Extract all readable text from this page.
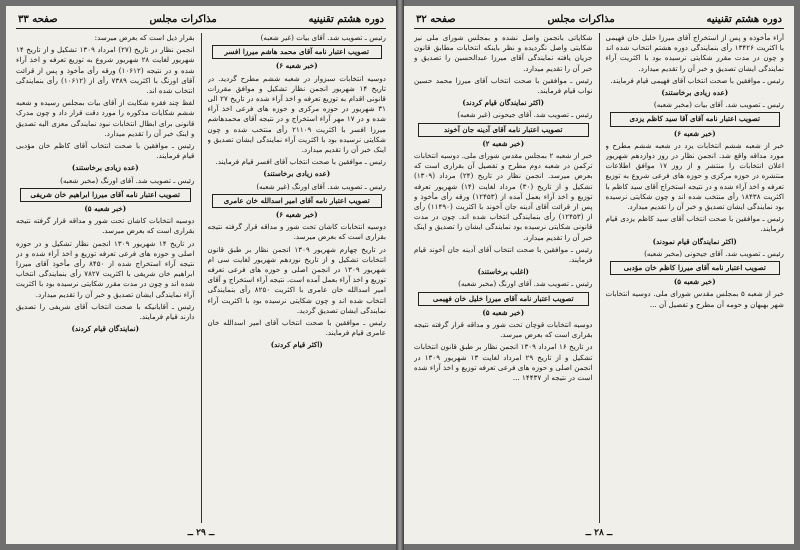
دوره هشتم تقنینیه
مذاکرات مجلس
صفحه ۳۳

رئیس ـ تصویب شد. آقای بیات (غیر شعبه)

تصویب اعتبار نامه آقای محمد هاشم میرزا افسر
(خبر شعبه ۶)

دوسیه انتخابات سبزوار در شعبه ششم مطرح گردید. در تاریخ ۱۴ شهریور انجمن نظار تشکیل و موافق مقررات قانونی اقدام به توزیع تعرفه و اخذ آراء شده در تاریخ ۲۷ الی ۳۱ شهریور در حوزه مرکزی و حوزه های فرعی اخذ آراء شده و در ۱۷ مهر آراء استخراج و در نتیجه آقای محمدهاشم میرزا افسر با اکثریت ۲۱۱۰۹ رأی منتخب شده و چون شکایتی نرسیده بود با اکثریت آراء نمایندگی ایشان تصدیق و اینک خبر آن را تقدیم میدارد.

رئیس ـ موافقین با صحت انتخاب آقای افسر قیام فرمایند.

(عده زیادی برخاستند)

رئیس ـ تصویب شد. آقای اورنگ (غیر شعبه)

تصویب اعتبار نامه آقای امیر اسدالله خان عامری
(خبر شعبه ۶)

دوسیه انتخابات کاشان تحت شور و مداقه قرار گرفته نتیجه بقراری است که بعرض میرسد.

در تاریخ چهارم شهریور ۱۳۰۹ انجمن نظار بر طبق قانون انتخابات تشکیل و از تاریخ نوزدهم شهریور لغایت سی ام شهریور ۱۳۰۹ در انجمن اصلی و حوزه های فرعی تعرفه توزیع و اخذ آراء بعمل آمده است. نتیجه آراء استخراج و آقای امیر اسدالله خان عامری با اکثریت ۸۲۵۰ رأی بنمایندگی انتخاب شده اند و چون شکایتی نرسیده بود با اکثریت آراء نمایندگی ایشان تصدیق گردید.

رئیس ـ موافقین با صحت انتخاب آقای امیر اسدالله خان عامری قیام فرمایند.

(اکثر قیام کردند)

بقرار ذیل است که بعرض میرسد:

انجمن نظار در تاریخ (۲۷) امرداد ۱۳۰۹ تشکیل و از تاریخ ۱۴ شهریور لغایت ۲۸ شهریور شروع به توزیع تعرفه و اخذ آراء شده و در نتیجه (۱۰۶۱۲) ورقه رأی مأخوذ و پس از قرائت آقای اورنگ با اکثریت ۷۳۸۹ رأی از (۱۰۶۱۲) رأی بنمایندگی انتخاب شده اند.

لفظ چند فقره شکایت از آقای بیات بمجلس رسیده و شعبه ششم شکایات مذکوره را مورد دقت قرار داد و چون مدرک قانونی برای ابطال انتخابات نبود نمایندگی معزی الیه تصدیق و اینک خبر آن را تقدیم میدارد.

رئیس ـ موافقین با صحت انتخاب آقای کاظم خان مؤدبی قیام فرمایند.

(عده زیادی برخاستند)

رئیس ـ تصویب شد. آقای اورنگ (مخبر شعبه)

تصویب اعتبار نامه آقای میرزا ابراهیم خان شریفی
(خبر شعبه ۵)

دوسیه انتخابات کاشان تحت شور و مداقه قرار گرفته نتیجه بقراری است که بعرض میرسد.

در تاریخ ۱۴ شهریور ۱۳۰۹ انجمن نظار تشکیل و در حوزه اصلی و حوزه های فرعی تعرفه توزیع و اخذ آراء شده و در نتیجه آراء استخراج شده از ۸۴۵۰ رأی مأخوذ آقای میرزا ابراهیم خان شریفی با اکثریت ۷۸۲۷ رأی بنمایندگی انتخاب شده اند و چون در مدت مقرر شکایتی نرسیده بود با اکثریت آراء نمایندگی ایشان تصدیق و خبر آن را تقدیم میدارد.

رئیس ـ آقایانیکه با صحت انتخاب آقای شریفی را تصدیق دارند قیام فرمایند.

(نمایندگان قیام کردند)
ــ ۲۹ ــ
دوره هشتم تقنینیه
مذاکرات مجلس
صفحه ۳۲

آراء مأخوذه و پس از استخراج آقای میرزا خلیل خان فهیمی با اکثریت ۱۳۴۲۶ رأی بنمایندگی دوره هشتم انتخاب شده اند و چون در مدت مقرر شکایتی نرسیده بود با اکثریت آراء نمایندگی ایشان تصدیق و خبر آن را تقدیم میدارد.

رئیس ـ موافقین با صحت انتخاب آقای فهیمی قیام فرمایند.

(عده زیادی برخاستند)

رئیس ـ تصویب شد. آقای بیات (مخبر شعبه)

تصویب اعتبار نامه آقای آقا سید کاظم یزدی
(خبر شعبه ۶)

خبر از شعبه ششم انتخابات یزد در شعبه ششم مطرح و مورد مداقه واقع شد. انجمن نظار در روز دوازدهم شهریور اعلان انتخابات را منتشر و از روز ۱۷ موافق اطلاعات منتشره در حوزه مرکزی و حوزه های فرعی شروع به توزیع تعرفه و اخذ آراء شده و در نتیجه استخراج آقای سید کاظم با اکثریت ۱۸۴۳۸ رأی منتخب شده اند و چون شکایتی نرسیده بود نمایندگی ایشان تصدیق و خبر آن را تقدیم میدارد.

رئیس ـ موافقین با صحت انتخاب آقای سید کاظم یزدی قیام فرمایند.

(اکثر نمایندگان قیام نمودند)

رئیس ـ تصویب شد. آقای جیحونی (مخبر شعبه)

تصویب اعتبار نامه آقای میرزا کاظم خان مؤدبی
(خبر شعبه ۵)

خبر از شعبه ۵ بمجلس مقدس شورای ملی. دوسیه انتخابات شهر بهبهان و حومه آن مطرح و تفصیل آن ...

شکایاتی بانجمن واصل نشده و بمجلس شورای ملی نیز شکایتی واصل نگردیده و نظر باینکه انتخابات مطابق قانون جریان یافته نمایندگی آقای میرزا عبدالحسین را تصدیق و خبر آن را تقدیم میدارد.

رئیس ـ موافقین با صحت انتخاب آقای میرزا محمد حسین نواب قیام فرمایند.

(اکثر نمایندگان قیام کردند)

رئیس ـ تصویب شد. آقای جیحونی (غیر شعبه)

تصویب اعتبار نامه آقای آدینه جان آخوند
(خبر شعبه ۲)

خبر از شعبه ۲ بمجلس مقدس شورای ملی. دوسیه انتخابات ترکمن در شعبه دوم مطرح و تفصیل آن بقراری است که بعرض میرسد. انجمن نظار در تاریخ (۲۴) مرداد (۱۳۰۹) تشکیل و از تاریخ (۳۰) مرداد لغایت (۱۴) شهریور تعرفه توزیع و اخذ آراء بعمل آمده از (۱۲۴۵۳) ورقه رأی مأخوذ و پس از قرائت آقای آدینه جان آخوند با اکثریت (۱۱۴۹۰) رأی از (۱۲۴۵۳) رأی بنمایندگی انتخاب شده اند. چون در مدت قانونی شکایتی نرسیده بود نمایندگی ایشان را تصدیق و اینک خبر آن را تقدیم میدارد.

رئیس ـ موافقین با صحت انتخاب آقای آدینه جان آخوند قیام فرمایند.

(اغلب برخاستند)

رئیس ـ تصویب شد. آقای اورنگ (مخبر شعبه)

تصویب اعتبار نامه آقای میرزا خلیل خان فهیمی
(خبر شعبه ۵)

دوسیه انتخابات قوچان تحت شور و مداقه قرار گرفته نتیجه بقراری است که بعرض میرسد.

در تاریخ ۱۶ امرداد ۱۳۰۹ انجمن نظار بر طبق قانون انتخابات تشکیل و از تاریخ ۲۹ امرداد لغایت ۱۳ شهریور ۱۳۰۹ در انجمن اصلی و حوزه های فرعی تعرفه توزیع و اخذ آراء شده است در نتیجه از ۱۴۴۳۷ ...

ــ ۲۸ ــ
